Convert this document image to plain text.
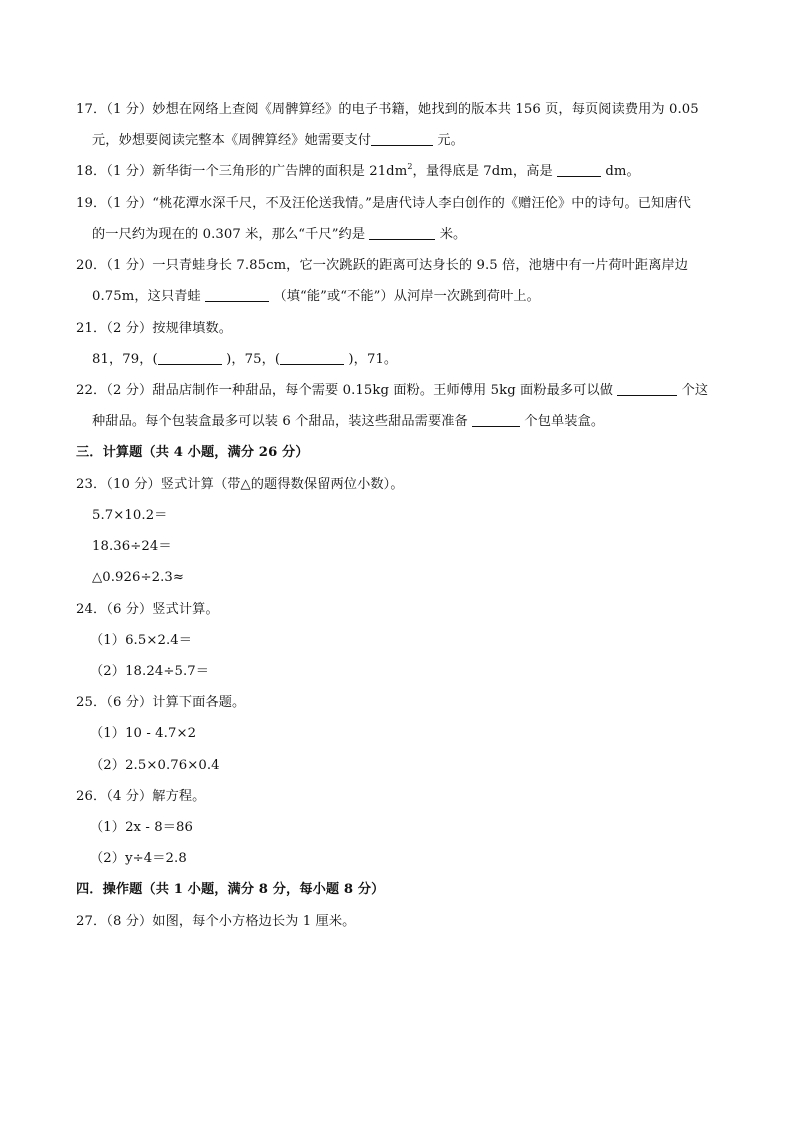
17．（1 分）妙想在网络上查阅《周髀算经》的电子书籍，她找到的版本共 156 页，每页阅读费用为 0.05
元，妙想要阅读完整本《周髀算经》她需要支付	元。
18．（1 分）新华街一个三角形的广告牌的面积是 $21dm^2$，量得底是 7dm，高是	dm。
19．（1 分）“桃花潭水深千尺，不及汪伦送我情。”是唐代诗人李白创作的《赠汪伦》中的诗句。已知唐代
的一尺约为现在的 0.307 米，那么“千尺”约是	米。
20．（1 分）一只青蛙身长 7.85cm，它一次跳跃的距离可达身长的 9.5 倍，池塘中有一片荷叶距离岸边
0.75m，这只青蛙	（填“能”或“不能”）从河岸一次跳到荷叶上。
21．（2 分）按规律填数。
81，79，(	)，75，(	)，71。
22．（2 分）甜品店制作一种甜品，每个需要 0.15kg 面粉。王师傅用 5kg 面粉最多可以做	个这
种甜品。每个包装盒最多可以装 6 个甜品，装这些甜品需要准备	个包单装盒。
三．计算题（共 4 小题，满分 26 分）
23．（10 分）竖式计算（带△的题得数保留两位小数）。
5.7×10.2＝
18.36÷24＝
△0.926÷2.3≈
24．（6 分）竖式计算。
（1）6.5×2.4＝
（2）18.24÷5.7＝
25．（6 分）计算下面各题。
（1）10 - 4.7×2
（2）2.5×0.76×0.4
26．（4 分）解方程。
（1）2x - 8＝86
（2）y÷4＝2.8
四．操作题（共 1 小题，满分 8 分，每小题 8 分）
27．（8 分）如图，每个小方格边长为 1 厘米。
